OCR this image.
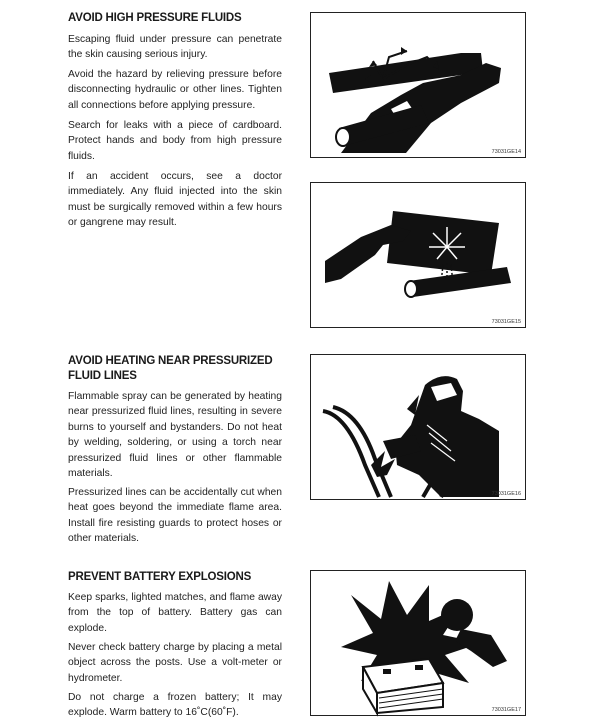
AVOID HIGH PRESSURE FLUIDS

Escaping fluid under pressure can penetrate the skin causing serious injury.

Avoid the hazard by relieving pressure before disconnecting hydraulic or other lines. Tighten all connections before applying pressure.

Search for leaks with a piece of cardboard. Protect hands and body from high pressure fluids.

If an accident occurs, see a doctor immediately. Any fluid injected into the skin must be surgically removed within a few hours or gangrene may result.

AVOID HEATING NEAR PRESSURIZED
FLUID LINES

Flammable spray can be generated by heating near pressurized fluid lines, resulting in severe burns to yourself and bystanders. Do not heat by welding, soldering, or using a torch near pressurized fluid lines or other flammable materials.

Pressurized lines can be accidentally cut when heat goes beyond the immediate flame area. Install fire resisting guards to protect hoses or other materials.

PREVENT BATTERY EXPLOSIONS

Keep sparks, lighted matches, and flame away from the top of battery. Battery gas can explode.

Never check battery charge by placing a metal object across the posts. Use a volt-meter or hydrometer.

Do not charge a frozen battery; It may explode. Warm battery to 16˚C(60˚F).

73031GE14
73031GE15
73031GE16
73031GE17
